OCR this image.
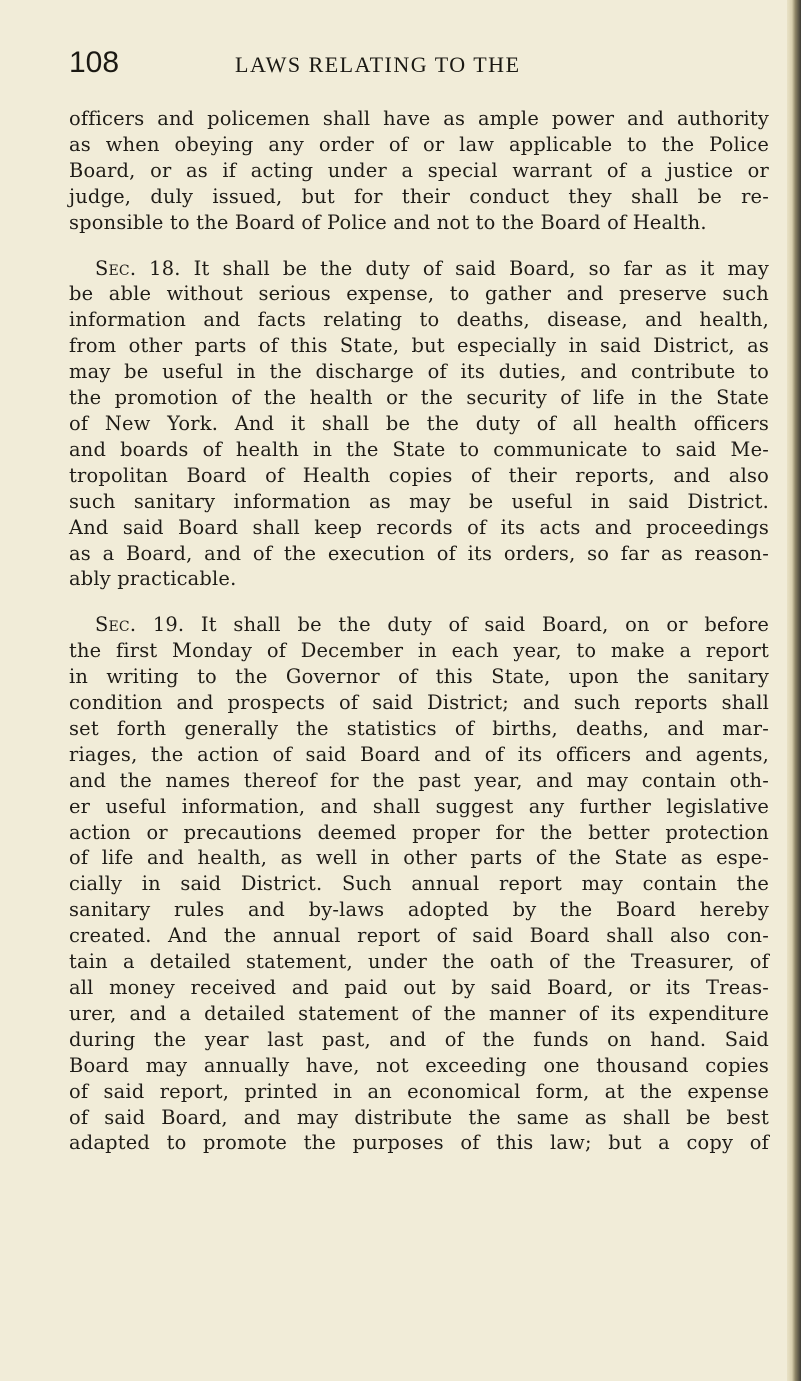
108	LAWS RELATING TO THE

officers and policemen shall have as ample power and authority
as when obeying any order of or law applicable to the Police
Board, or as if acting under a special warrant of a justice or
judge, duly issued, but for their conduct they shall be re-
sponsible to the Board of Police and not to the Board of Health.

Sec. 18. It shall be the duty of said Board, so far as it may
be able without serious expense, to gather and preserve such
information and facts relating to deaths, disease, and health,
from other parts of this State, but especially in said District, as
may be useful in the discharge of its duties, and contribute to
the promotion of the health or the security of life in the State
of New York. And it shall be the duty of all health officers
and boards of health in the State to communicate to said Me-
tropolitan Board of Health copies of their reports, and also
such sanitary information as may be useful in said District.
And said Board shall keep records of its acts and proceedings
as a Board, and of the execution of its orders, so far as reason-
ably practicable.

Sec. 19. It shall be the duty of said Board, on or before
the first Monday of December in each year, to make a report
in writing to the Governor of this State, upon the sanitary
condition and prospects of said District; and such reports shall
set forth generally the statistics of births, deaths, and mar-
riages, the action of said Board and of its officers and agents,
and the names thereof for the past year, and may contain oth-
er useful information, and shall suggest any further legislative
action or precautions deemed proper for the better protection
of life and health, as well in other parts of the State as espe-
cially in said District. Such annual report may contain the
sanitary rules and by-laws adopted by the Board hereby
created. And the annual report of said Board shall also con-
tain a detailed statement, under the oath of the Treasurer, of
all money received and paid out by said Board, or its Treas-
urer, and a detailed statement of the manner of its expenditure
during the year last past, and of the funds on hand. Said
Board may annually have, not exceeding one thousand copies
of said report, printed in an economical form, at the expense
of said Board, and may distribute the same as shall be best
adapted to promote the purposes of this law; but a copy of
